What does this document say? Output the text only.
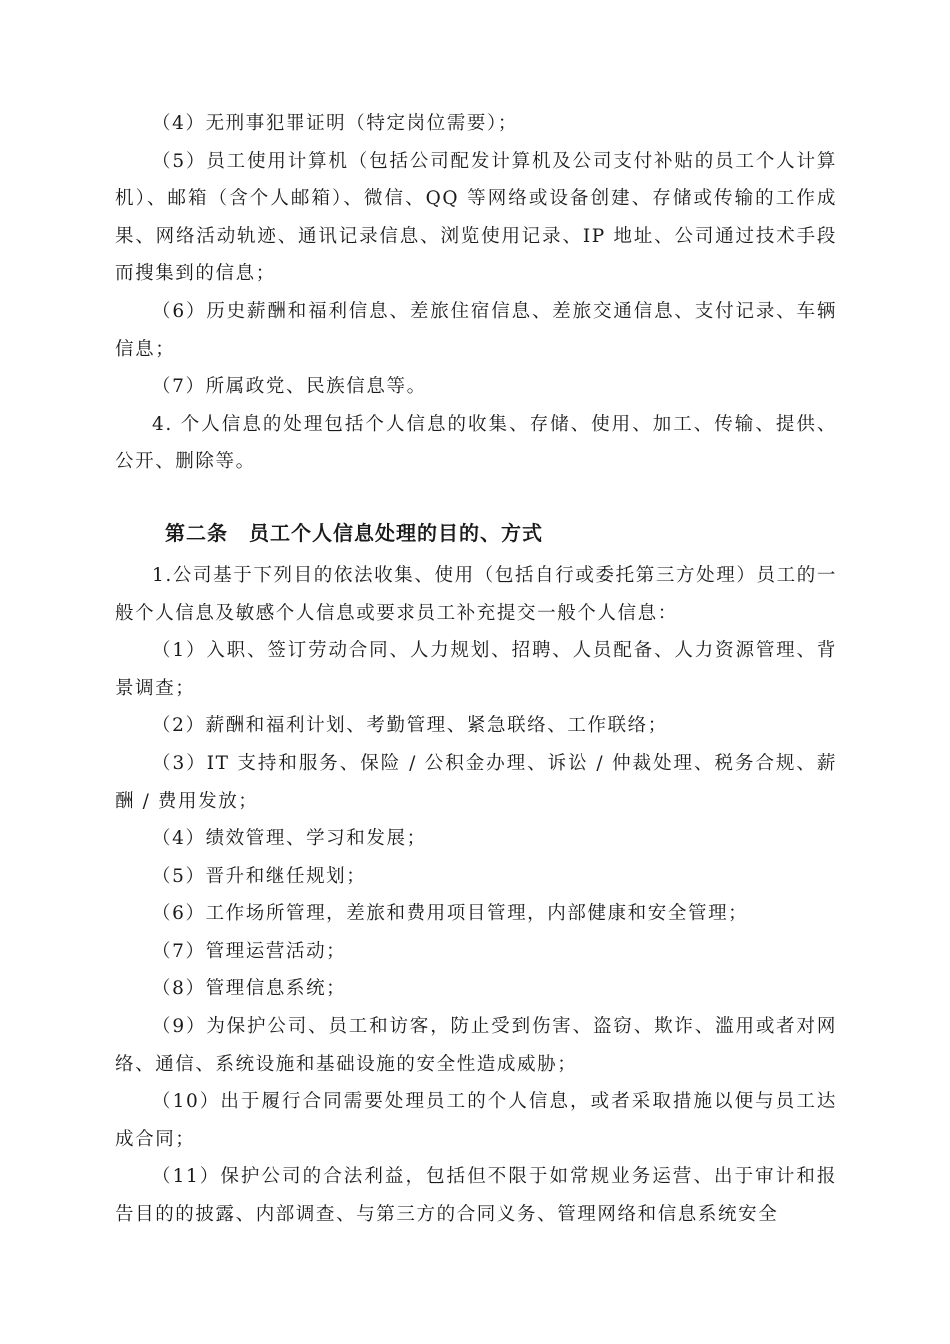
（4）无刑事犯罪证明（特定岗位需要）；

（5）员工使用计算机（包括公司配发计算机及公司支付补贴的员工个人计算机）、邮箱（含个人邮箱）、微信、QQ 等网络或设备创建、存储或传输的工作成果、网络活动轨迹、通讯记录信息、浏览使用记录、IP 地址、公司通过技术手段而搜集到的信息；

（6）历史薪酬和福利信息、差旅住宿信息、差旅交通信息、支付记录、车辆信息；

（7）所属政党、民族信息等。

4. 个人信息的处理包括个人信息的收集、存储、使用、加工、传输、提供、公开、删除等。

第二条　员工个人信息处理的目的、方式

1.公司基于下列目的依法收集、使用（包括自行或委托第三方处理）员工的一般个人信息及敏感个人信息或要求员工补充提交一般个人信息：

（1）入职、签订劳动合同、人力规划、招聘、人员配备、人力资源管理、背景调查；

（2）薪酬和福利计划、考勤管理、紧急联络、工作联络；

（3）IT 支持和服务、保险 / 公积金办理、诉讼 / 仲裁处理、税务合规、薪酬 / 费用发放；

（4）绩效管理、学习和发展；

（5）晋升和继任规划；

（6）工作场所管理，差旅和费用项目管理，内部健康和安全管理；

（7）管理运营活动；

（8）管理信息系统；

（9）为保护公司、员工和访客，防止受到伤害、盗窃、欺诈、滥用或者对网络、通信、系统设施和基础设施的安全性造成威胁；

（10）出于履行合同需要处理员工的个人信息，或者采取措施以便与员工达成合同；

（11）保护公司的合法利益，包括但不限于如常规业务运营、出于审计和报告目的的披露、内部调查、与第三方的合同义务、管理网络和信息系统安全
